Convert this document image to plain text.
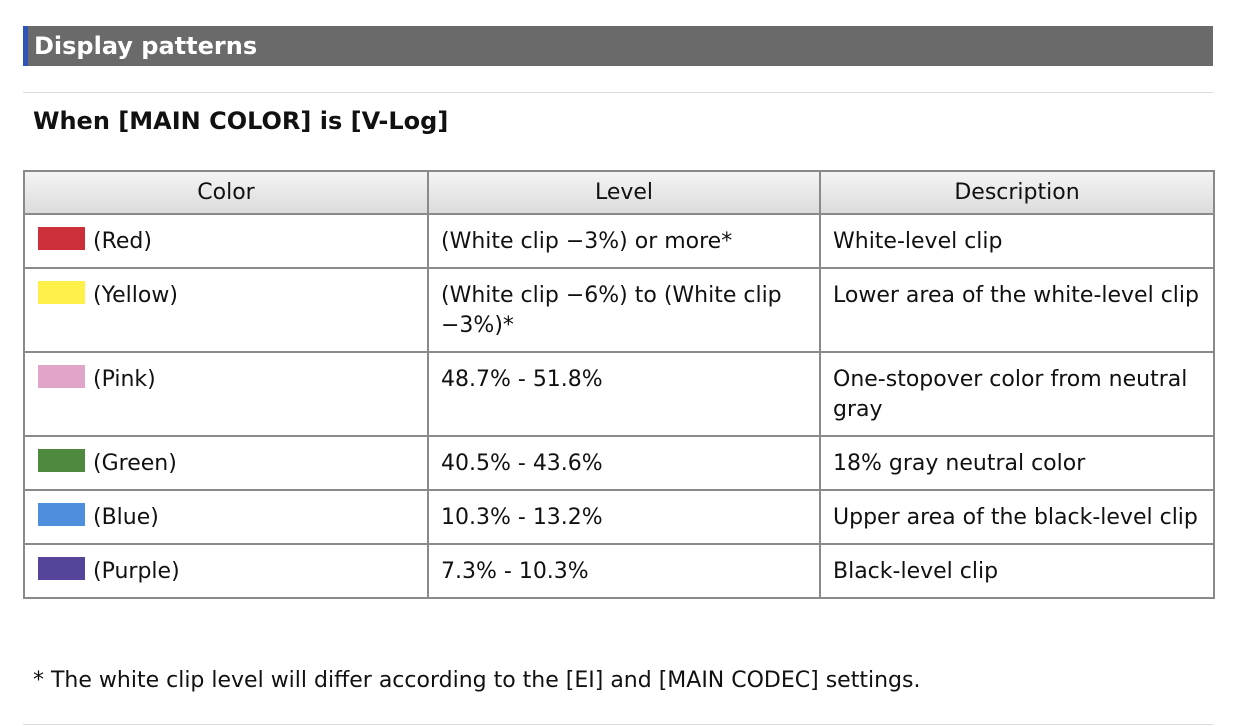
Display patterns
When [MAIN COLOR] is [V-Log]
Color	Level	Description
(Red)	(White clip −3%) or more*	White-level clip
(Yellow)	(White clip −6%) to (White clip −3%)*	Lower area of the white-level clip
(Pink)	48.7% - 51.8%	One-stopover color from neutral gray
(Green)	40.5% - 43.6%	18% gray neutral color
(Blue)	10.3% - 13.2%	Upper area of the black-level clip
(Purple)	7.3% - 10.3%	Black-level clip
* The white clip level will differ according to the [EI] and [MAIN CODEC] settings.
